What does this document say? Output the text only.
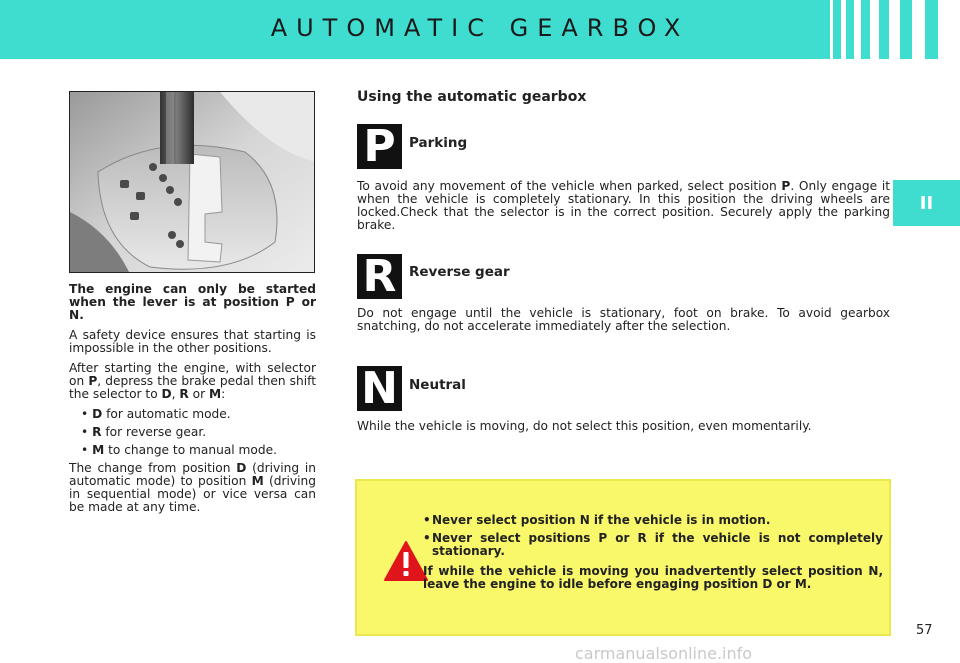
AUTOMATIC GEARBOX
II

The engine can only be started when the lever is at position P or N.

A safety device ensures that starting is impossible in the other positions.

After starting the engine, with selector on P, depress the brake pedal then shift the selector to D, R or M:

• D for automatic mode.
• R for reverse gear.
• M to change to manual mode.

The change from position D (driving in automatic mode) to position M (driving in sequential mode) or vice versa can be made at any time.

Using the automatic gearbox
P Parking
To avoid any movement of the vehicle when parked, select position P. Only engage it when the vehicle is completely stationary. In this position the driving wheels are locked.Check that the selector is in the correct position. Securely apply the parking brake.
R Reverse gear
Do not engage until the vehicle is stationary, foot on brake. To avoid gearbox snatching, do not accelerate immediately after the selection.
N Neutral
While the vehicle is moving, do not select this position, even momentarily.
• Never select position N if the vehicle is in motion.
• Never select positions P or R if the vehicle is not completely stationary.
If while the vehicle is moving you inadvertently select position N, leave the engine to idle before engaging position D or M.
57
carmanualsonline.info
